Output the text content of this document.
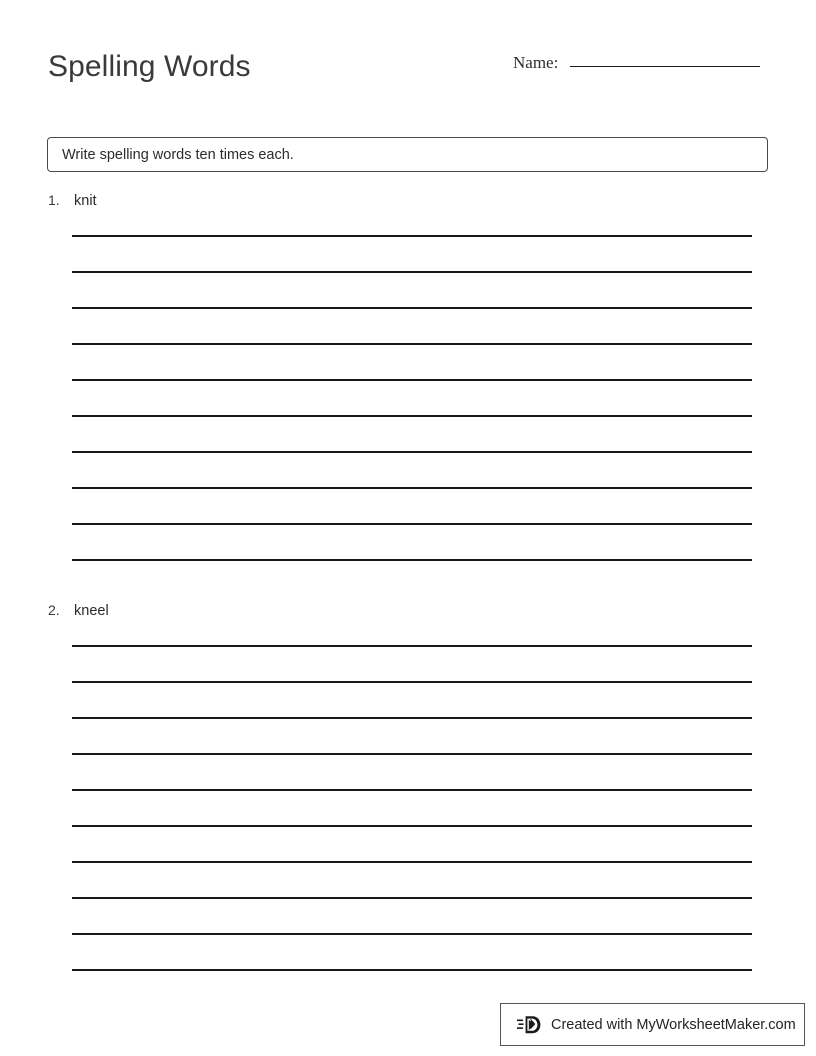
Spelling Words	Name:
Write spelling words ten times each.
1. knit
2. kneel
Created with MyWorksheetMaker.com
